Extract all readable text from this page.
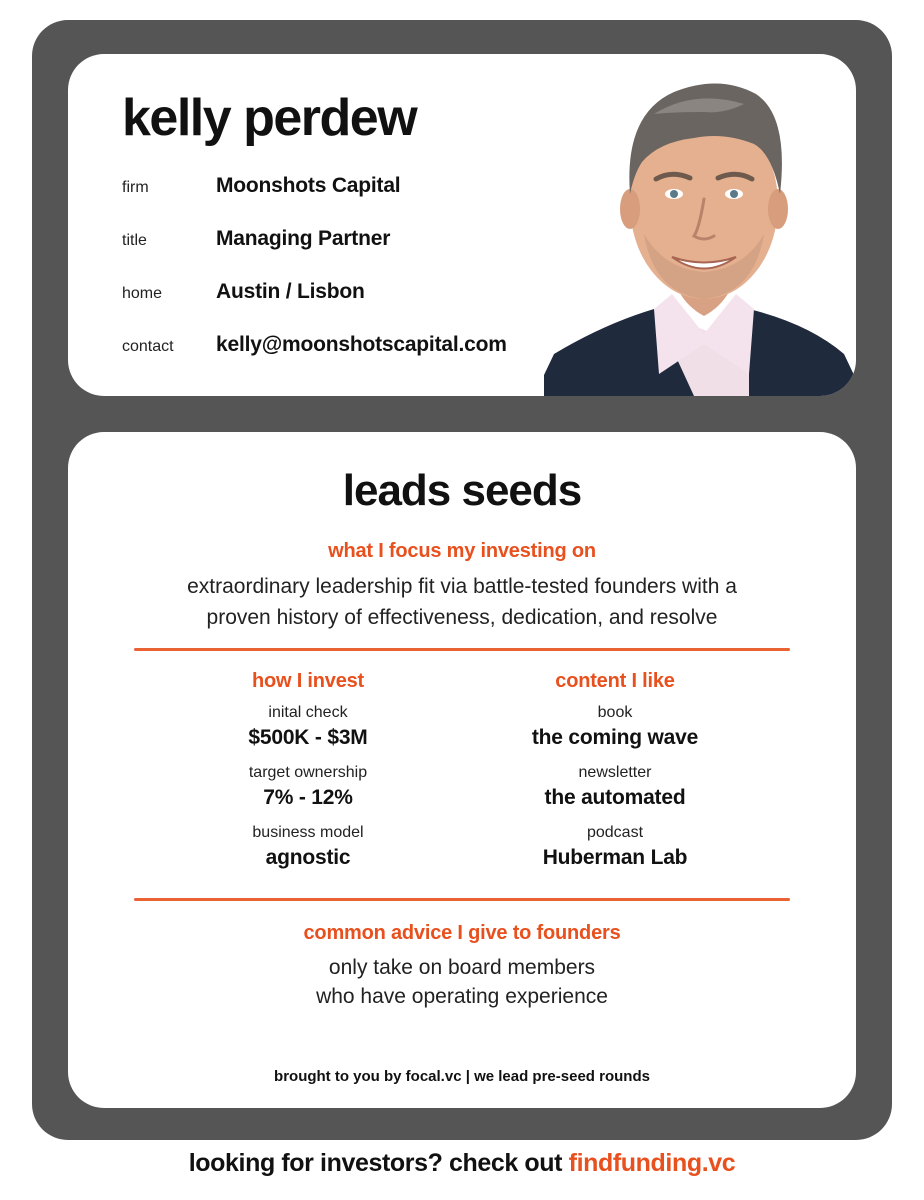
kelly perdew
firm	Moonshots Capital
title	Managing Partner
home	Austin / Lisbon
contact	kelly@moonshotscapital.com
leads seeds
what I focus my investing on
extraordinary leadership fit via battle-tested founders with a
proven history of effectiveness, dedication, and resolve
how I invest
inital check
$500K - $3M
target ownership
7% - 12%
business model
agnostic
content I like
book
the coming wave
newsletter
the automated
podcast
Huberman Lab
common advice I give to founders
only take on board members
who have operating experience
brought to you by focal.vc | we lead pre-seed rounds
looking for investors? check out findfunding.vc
